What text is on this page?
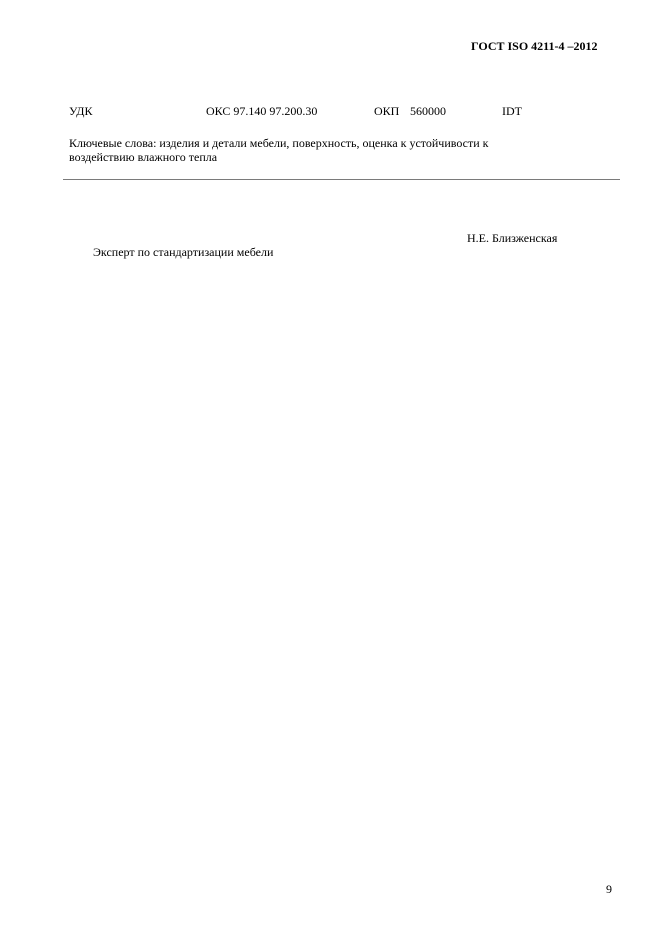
ГОСТ ISO 4211-4 –2012
УДК	ОКС 97.140 97.200.30	ОКП 560000	IDT
Ключевые слова: изделия и детали мебели, поверхность, оценка к устойчивости к
воздействию влажного тепла
Н.Е. Близженская
Эксперт по стандартизации мебели
9
